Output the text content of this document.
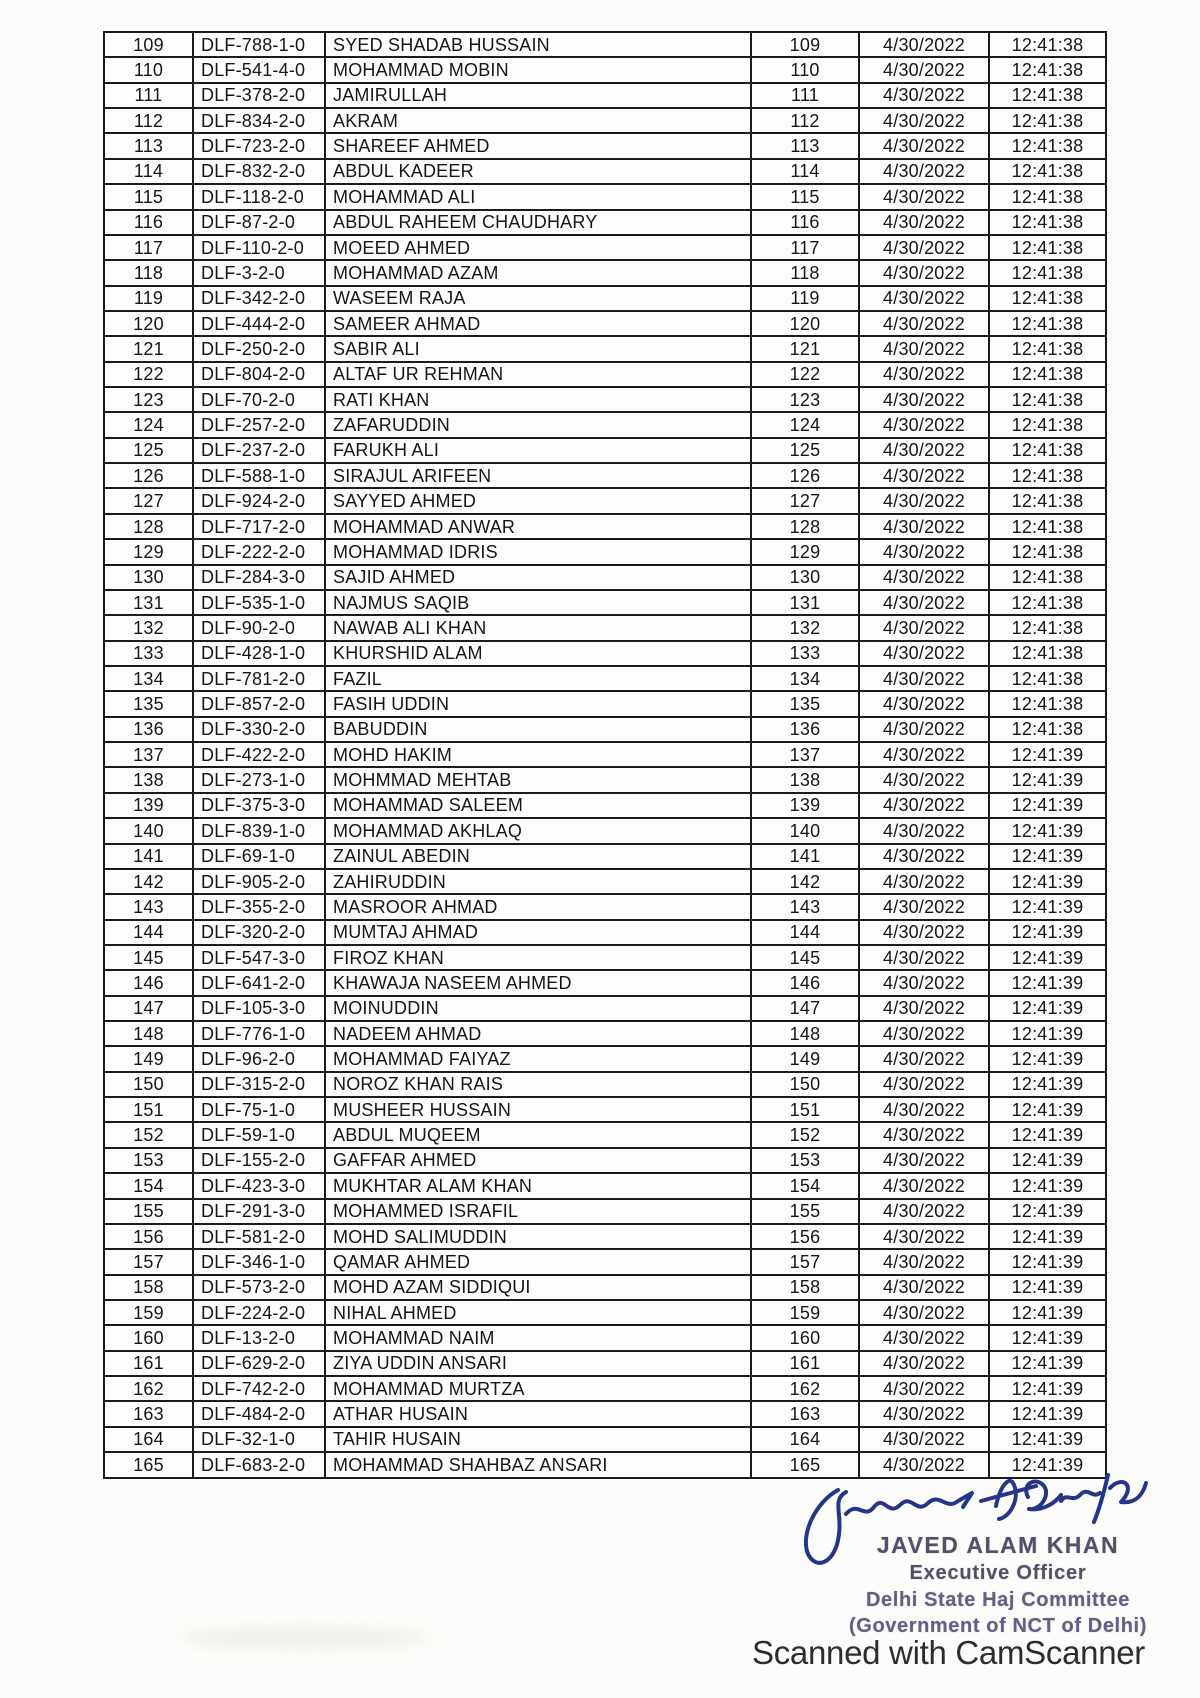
109	DLF-788-1-0	SYED SHADAB HUSSAIN	109	4/30/2022	12:41:38
110	DLF-541-4-0	MOHAMMAD MOBIN	110	4/30/2022	12:41:38
111	DLF-378-2-0	JAMIRULLAH	111	4/30/2022	12:41:38
112	DLF-834-2-0	AKRAM	112	4/30/2022	12:41:38
113	DLF-723-2-0	SHAREEF AHMED	113	4/30/2022	12:41:38
114	DLF-832-2-0	ABDUL KADEER	114	4/30/2022	12:41:38
115	DLF-118-2-0	MOHAMMAD ALI	115	4/30/2022	12:41:38
116	DLF-87-2-0	ABDUL RAHEEM CHAUDHARY	116	4/30/2022	12:41:38
117	DLF-110-2-0	MOEED AHMED	117	4/30/2022	12:41:38
118	DLF-3-2-0	MOHAMMAD AZAM	118	4/30/2022	12:41:38
119	DLF-342-2-0	WASEEM RAJA	119	4/30/2022	12:41:38
120	DLF-444-2-0	SAMEER AHMAD	120	4/30/2022	12:41:38
121	DLF-250-2-0	SABIR ALI	121	4/30/2022	12:41:38
122	DLF-804-2-0	ALTAF UR REHMAN	122	4/30/2022	12:41:38
123	DLF-70-2-0	RATI KHAN	123	4/30/2022	12:41:38
124	DLF-257-2-0	ZAFARUDDIN	124	4/30/2022	12:41:38
125	DLF-237-2-0	FARUKH ALI	125	4/30/2022	12:41:38
126	DLF-588-1-0	SIRAJUL ARIFEEN	126	4/30/2022	12:41:38
127	DLF-924-2-0	SAYYED AHMED	127	4/30/2022	12:41:38
128	DLF-717-2-0	MOHAMMAD ANWAR	128	4/30/2022	12:41:38
129	DLF-222-2-0	MOHAMMAD IDRIS	129	4/30/2022	12:41:38
130	DLF-284-3-0	SAJID AHMED	130	4/30/2022	12:41:38
131	DLF-535-1-0	NAJMUS SAQIB	131	4/30/2022	12:41:38
132	DLF-90-2-0	NAWAB ALI KHAN	132	4/30/2022	12:41:38
133	DLF-428-1-0	KHURSHID ALAM	133	4/30/2022	12:41:38
134	DLF-781-2-0	FAZIL	134	4/30/2022	12:41:38
135	DLF-857-2-0	FASIH UDDIN	135	4/30/2022	12:41:38
136	DLF-330-2-0	BABUDDIN	136	4/30/2022	12:41:38
137	DLF-422-2-0	MOHD HAKIM	137	4/30/2022	12:41:39
138	DLF-273-1-0	MOHMMAD MEHTAB	138	4/30/2022	12:41:39
139	DLF-375-3-0	MOHAMMAD SALEEM	139	4/30/2022	12:41:39
140	DLF-839-1-0	MOHAMMAD AKHLAQ	140	4/30/2022	12:41:39
141	DLF-69-1-0	ZAINUL ABEDIN	141	4/30/2022	12:41:39
142	DLF-905-2-0	ZAHIRUDDIN	142	4/30/2022	12:41:39
143	DLF-355-2-0	MASROOR AHMAD	143	4/30/2022	12:41:39
144	DLF-320-2-0	MUMTAJ AHMAD	144	4/30/2022	12:41:39
145	DLF-547-3-0	FIROZ KHAN	145	4/30/2022	12:41:39
146	DLF-641-2-0	KHAWAJA NASEEM AHMED	146	4/30/2022	12:41:39
147	DLF-105-3-0	MOINUDDIN	147	4/30/2022	12:41:39
148	DLF-776-1-0	NADEEM AHMAD	148	4/30/2022	12:41:39
149	DLF-96-2-0	MOHAMMAD FAIYAZ	149	4/30/2022	12:41:39
150	DLF-315-2-0	NOROZ KHAN RAIS	150	4/30/2022	12:41:39
151	DLF-75-1-0	MUSHEER HUSSAIN	151	4/30/2022	12:41:39
152	DLF-59-1-0	ABDUL MUQEEM	152	4/30/2022	12:41:39
153	DLF-155-2-0	GAFFAR AHMED	153	4/30/2022	12:41:39
154	DLF-423-3-0	MUKHTAR ALAM KHAN	154	4/30/2022	12:41:39
155	DLF-291-3-0	MOHAMMED ISRAFIL	155	4/30/2022	12:41:39
156	DLF-581-2-0	MOHD SALIMUDDIN	156	4/30/2022	12:41:39
157	DLF-346-1-0	QAMAR AHMED	157	4/30/2022	12:41:39
158	DLF-573-2-0	MOHD AZAM SIDDIQUI	158	4/30/2022	12:41:39
159	DLF-224-2-0	NIHAL AHMED	159	4/30/2022	12:41:39
160	DLF-13-2-0	MOHAMMAD NAIM	160	4/30/2022	12:41:39
161	DLF-629-2-0	ZIYA UDDIN ANSARI	161	4/30/2022	12:41:39
162	DLF-742-2-0	MOHAMMAD MURTZA	162	4/30/2022	12:41:39
163	DLF-484-2-0	ATHAR HUSAIN	163	4/30/2022	12:41:39
164	DLF-32-1-0	TAHIR HUSAIN	164	4/30/2022	12:41:39
165	DLF-683-2-0	MOHAMMAD SHAHBAZ ANSARI	165	4/30/2022	12:41:39
JAVED ALAM KHAN
Executive Officer
Delhi State Haj Committee
(Government of NCT of Delhi)
Scanned with CamScanner
